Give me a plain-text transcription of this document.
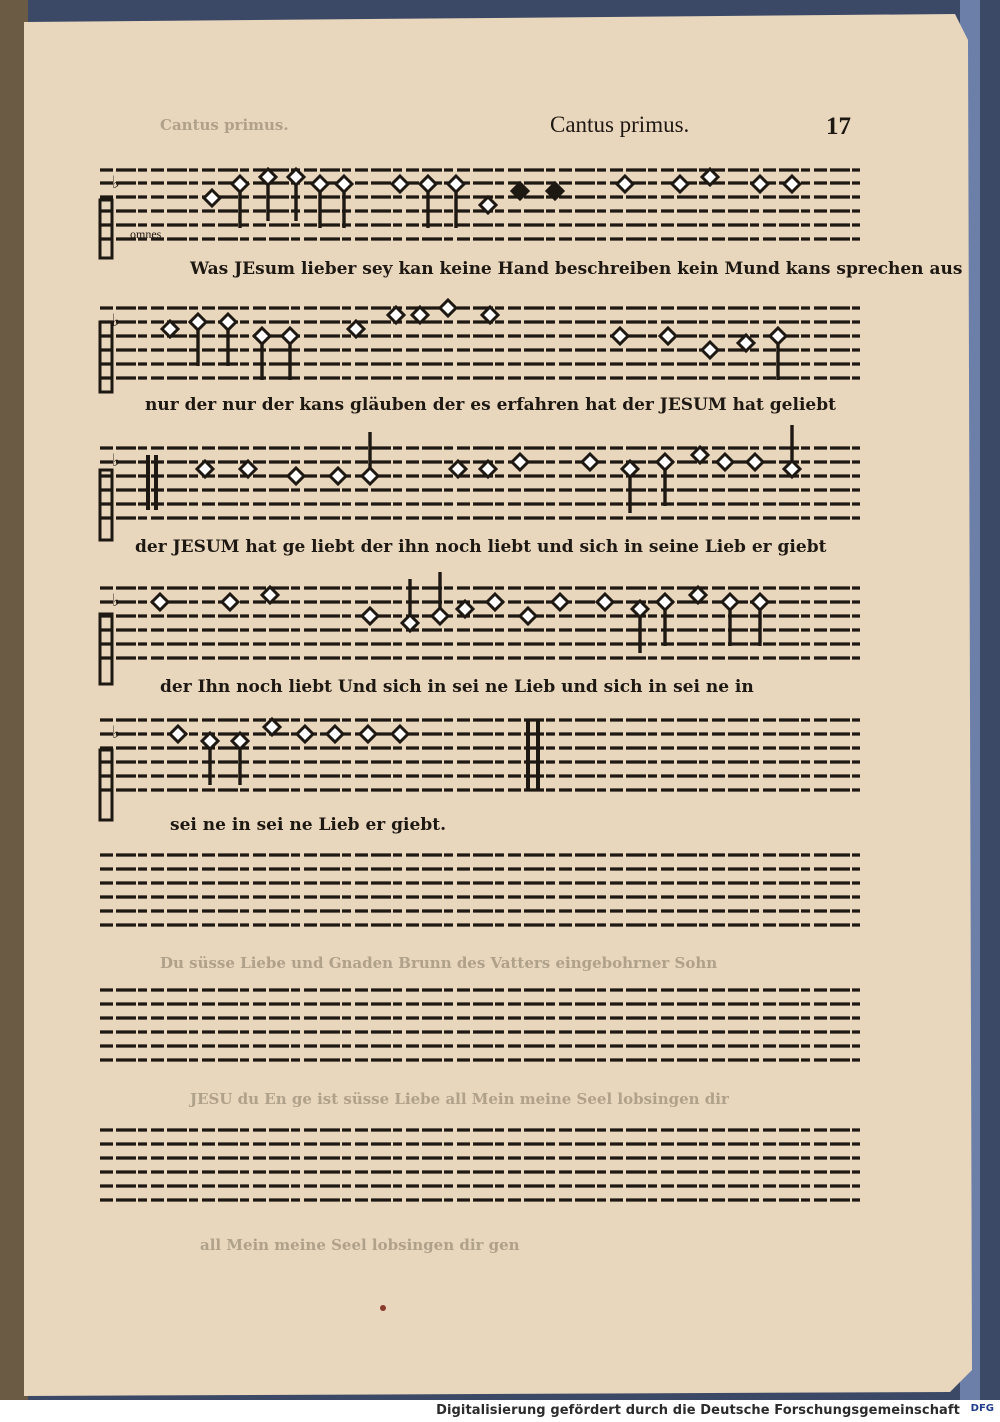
Cantus primus.	17
Cantus primus.
omnes
♭
♭
♭
♭
♭
Was JEsum lieber sey kan keine Hand beschreiben kein Mund kans sprechen aus
nur der nur der kans gläuben der es erfahren hat der JESUM hat geliebt
der JESUM hat ge liebt der ihn noch liebt und sich in seine Lieb er giebt
der Ihn noch liebt Und sich in sei ne Lieb und sich in sei ne in
sei ne in sei ne Lieb er giebt.
Du süsse Liebe und Gnaden Brunn des Vatters eingebohrner Sohn
JESU du En ge ist süsse Liebe all Mein meine Seel lobsingen dir
all Mein meine Seel lobsingen dir gen
Digitalisierung gefördert durch die Deutsche Forschungsgemeinschaft DFG
